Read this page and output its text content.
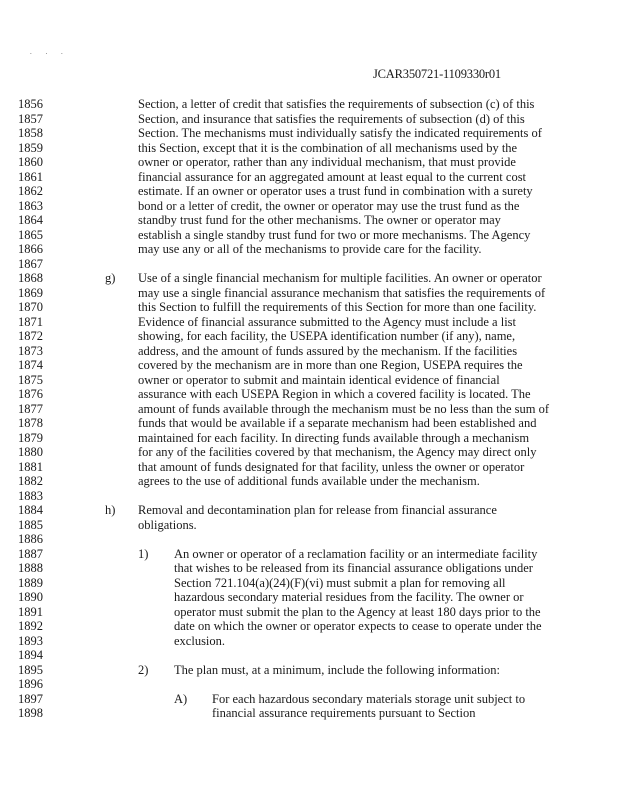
. . .
JCAR350721-1109330r01
1856	Section, a letter of credit that satisfies the requirements of subsection (c) of this
1857	Section, and insurance that satisfies the requirements of subsection (d) of this
1858	Section. The mechanisms must individually satisfy the indicated requirements of
1859	this Section, except that it is the combination of all mechanisms used by the
1860	owner or operator, rather than any individual mechanism, that must provide
1861	financial assurance for an aggregated amount at least equal to the current cost
1862	estimate. If an owner or operator uses a trust fund in combination with a surety
1863	bond or a letter of credit, the owner or operator may use the trust fund as the
1864	standby trust fund for the other mechanisms. The owner or operator may
1865	establish a single standby trust fund for two or more mechanisms. The Agency
1866	may use any or all of the mechanisms to provide care for the facility.
1867
1868	g) Use of a single financial mechanism for multiple facilities. An owner or operator
1869	may use a single financial assurance mechanism that satisfies the requirements of
1870	this Section to fulfill the requirements of this Section for more than one facility.
1871	Evidence of financial assurance submitted to the Agency must include a list
1872	showing, for each facility, the USEPA identification number (if any), name,
1873	address, and the amount of funds assured by the mechanism. If the facilities
1874	covered by the mechanism are in more than one Region, USEPA requires the
1875	owner or operator to submit and maintain identical evidence of financial
1876	assurance with each USEPA Region in which a covered facility is located. The
1877	amount of funds available through the mechanism must be no less than the sum of
1878	funds that would be available if a separate mechanism had been established and
1879	maintained for each facility. In directing funds available through a mechanism
1880	for any of the facilities covered by that mechanism, the Agency may direct only
1881	that amount of funds designated for that facility, unless the owner or operator
1882	agrees to the use of additional funds available under the mechanism.
1883
1884	h) Removal and decontamination plan for release from financial assurance
1885	obligations.
1886
1887	1) An owner or operator of a reclamation facility or an intermediate facility
1888	that wishes to be released from its financial assurance obligations under
1889	Section 721.104(a)(24)(F)(vi) must submit a plan for removing all
1890	hazardous secondary material residues from the facility. The owner or
1891	operator must submit the plan to the Agency at least 180 days prior to the
1892	date on which the owner or operator expects to cease to operate under the
1893	exclusion.
1894
1895	2) The plan must, at a minimum, include the following information:
1896
1897	A) For each hazardous secondary materials storage unit subject to
1898	financial assurance requirements pursuant to Section
